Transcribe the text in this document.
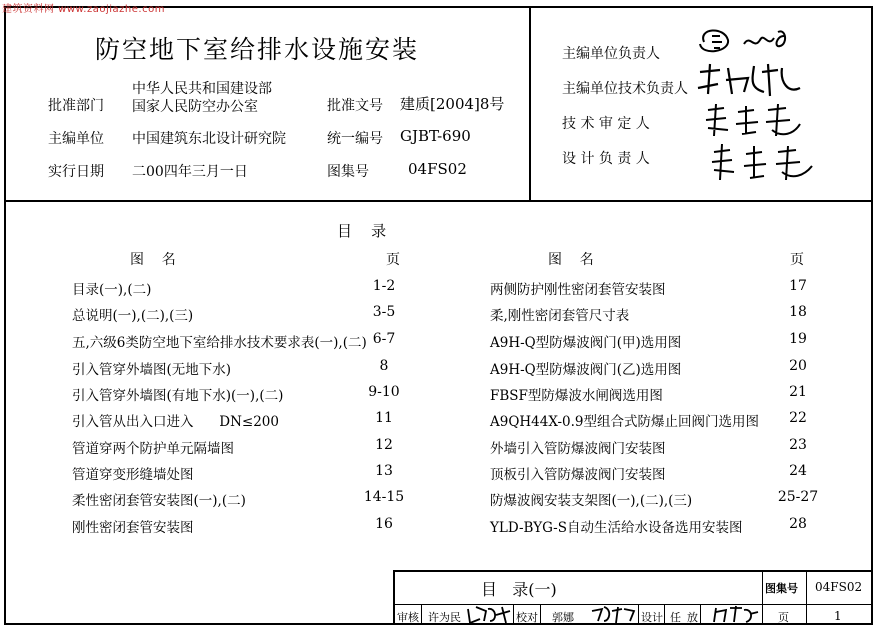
建筑资料网 www.zaojiazhe.com
防空地下室给排水设施安装
批准部门
中华人民共和国建设部
国家人民防空办公室
主编单位 中国建筑东北设计研究院
实行日期 二00四年三月一日
批准文号 建质[2004]8号
统一编号 GJBT-690
图集号	04FS02
主编单位负责人
主编单位技术负责人
技 术 审 定 人
设 计 负 责 人
目    录
图    名	页	图    名	页
目录(一),(二)	1-2
总说明(一),(二),(三)	3-5
五,六级6类防空地下室给排水技术要求表(一),(二) 6-7
引入管穿外墙图(无地下水)	8
引入管穿外墙图(有地下水)(一),(二)	9-10
引入管从出入口进入      DN≤200	11
管道穿两个防护单元隔墙图	12
管道穿变形缝墙处图	13
柔性密闭套管安装图(一),(二)	14-15
刚性密闭套管安装图	16
两侧防护刚性密闭套管安装图	17
柔,刚性密闭套管尺寸表	18
A9H-Q型防爆波阀门(甲)选用图	19
A9H-Q型防爆波阀门(乙)选用图	20
FBSF型防爆波水闸阀选用图	21
A9QH44X-0.9型组合式防爆止回阀门选用图	22
外墙引入管防爆波阀门安装图	23
顶板引入管防爆波阀门安装图	24
防爆波阀安装支架图(一),(二),(三)	25-27
YLD-BYG-S自动生活给水设备选用安装图	28
目   录(一)	图集号 04FS02
审核 许为民	校对 郭娜	设计 任放	页	1
